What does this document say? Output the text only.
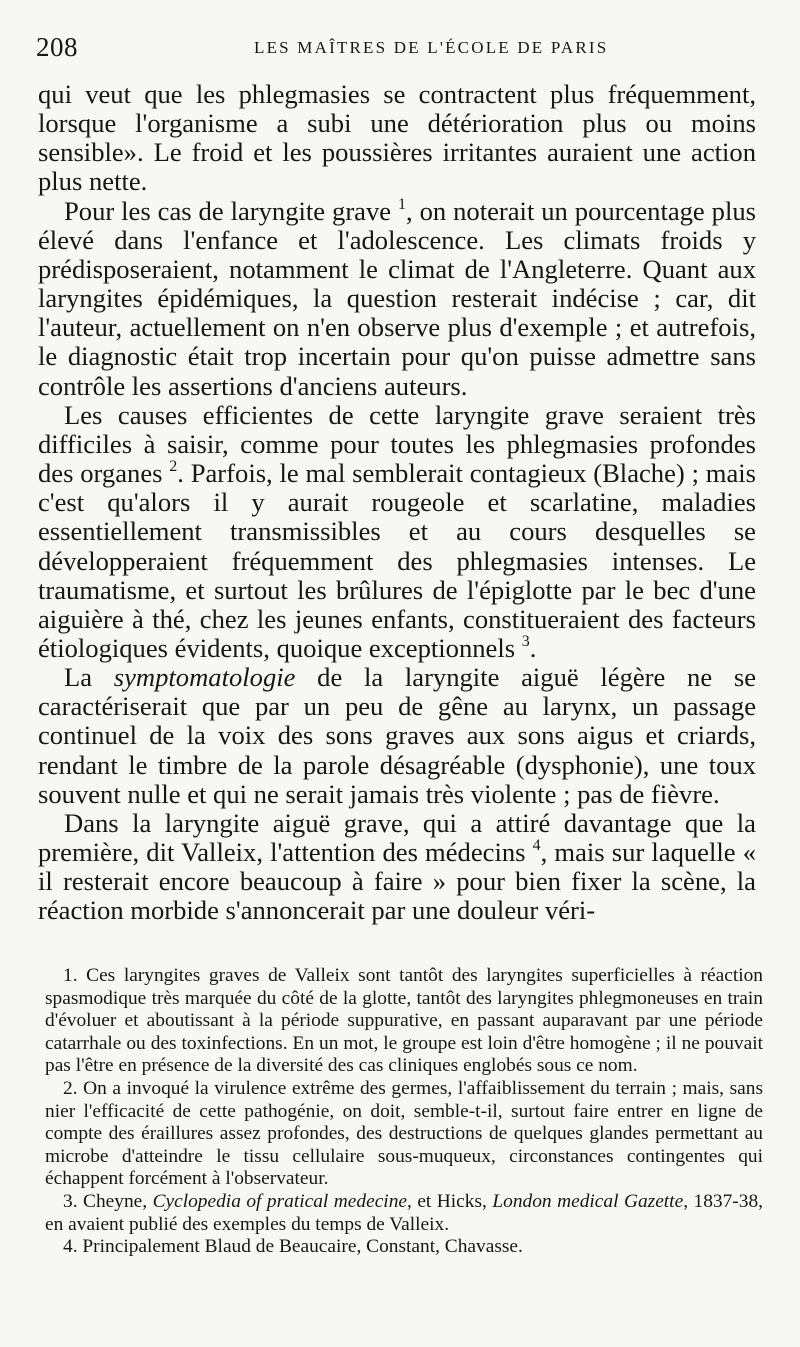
208	LES MAÎTRES DE L'ÉCOLE DE PARIS

qui veut que les phlegmasies se contractent plus fréquemment, lorsque l'organisme a subi une détérioration plus ou moins sensible». Le froid et les poussières irritantes auraient une action plus nette.

Pour les cas de laryngite grave $^1$, on noterait un pourcentage plus élevé dans l'enfance et l'adolescence. Les climats froids y prédisposeraient, notamment le climat de l'Angleterre. Quant aux laryngites épidémiques, la question resterait indécise ; car, dit l'auteur, actuellement on n'en observe plus d'exemple ; et autrefois, le diagnostic était trop incertain pour qu'on puisse admettre sans contrôle les assertions d'anciens auteurs.

Les causes efficientes de cette laryngite grave seraient très difficiles à saisir, comme pour toutes les phlegmasies profondes des organes $^2$. Parfois, le mal semblerait contagieux (Blache) ; mais c'est qu'alors il y aurait rougeole et scarlatine, maladies essentiellement transmissibles et au cours desquelles se développeraient fréquemment des phlegmasies intenses. Le traumatisme, et surtout les brûlures de l'épiglotte par le bec d'une aiguière à thé, chez les jeunes enfants, constitueraient des facteurs étiologiques évidents, quoique exceptionnels $^3$.

La symptomatologie de la laryngite aiguë légère ne se caractériserait que par un peu de gêne au larynx, un passage continuel de la voix des sons graves aux sons aigus et criards, rendant le timbre de la parole désagréable (dysphonie), une toux souvent nulle et qui ne serait jamais très violente ; pas de fièvre.

Dans la laryngite aiguë grave, qui a attiré davantage que la première, dit Valleix, l'attention des médecins $^4$, mais sur laquelle « il resterait encore beaucoup à faire » pour bien fixer la scène, la réaction morbide s'annoncerait par une douleur véri-

1. Ces laryngites graves de Valleix sont tantôt des laryngites superficielles à réaction spasmodique très marquée du côté de la glotte, tantôt des laryngites phlegmoneuses en train d'évoluer et aboutissant à la période suppurative, en passant auparavant par une période catarrhale ou des toxinfections. En un mot, le groupe est loin d'être homogène ; il ne pouvait pas l'être en présence de la diversité des cas cliniques englobés sous ce nom.

2. On a invoqué la virulence extrême des germes, l'affaiblissement du terrain ; mais, sans nier l'efficacité de cette pathogénie, on doit, semble-t-il, surtout faire entrer en ligne de compte des éraillures assez profondes, des destructions de quelques glandes permettant au microbe d'atteindre le tissu cellulaire sous-muqueux, circonstances contingentes qui échappent forcément à l'observateur.

3. Cheyne, Cyclopedia of pratical medecine, et Hicks, London medical Gazette, 1837-38, en avaient publié des exemples du temps de Valleix.

4. Principalement Blaud de Beaucaire, Constant, Chavasse.
